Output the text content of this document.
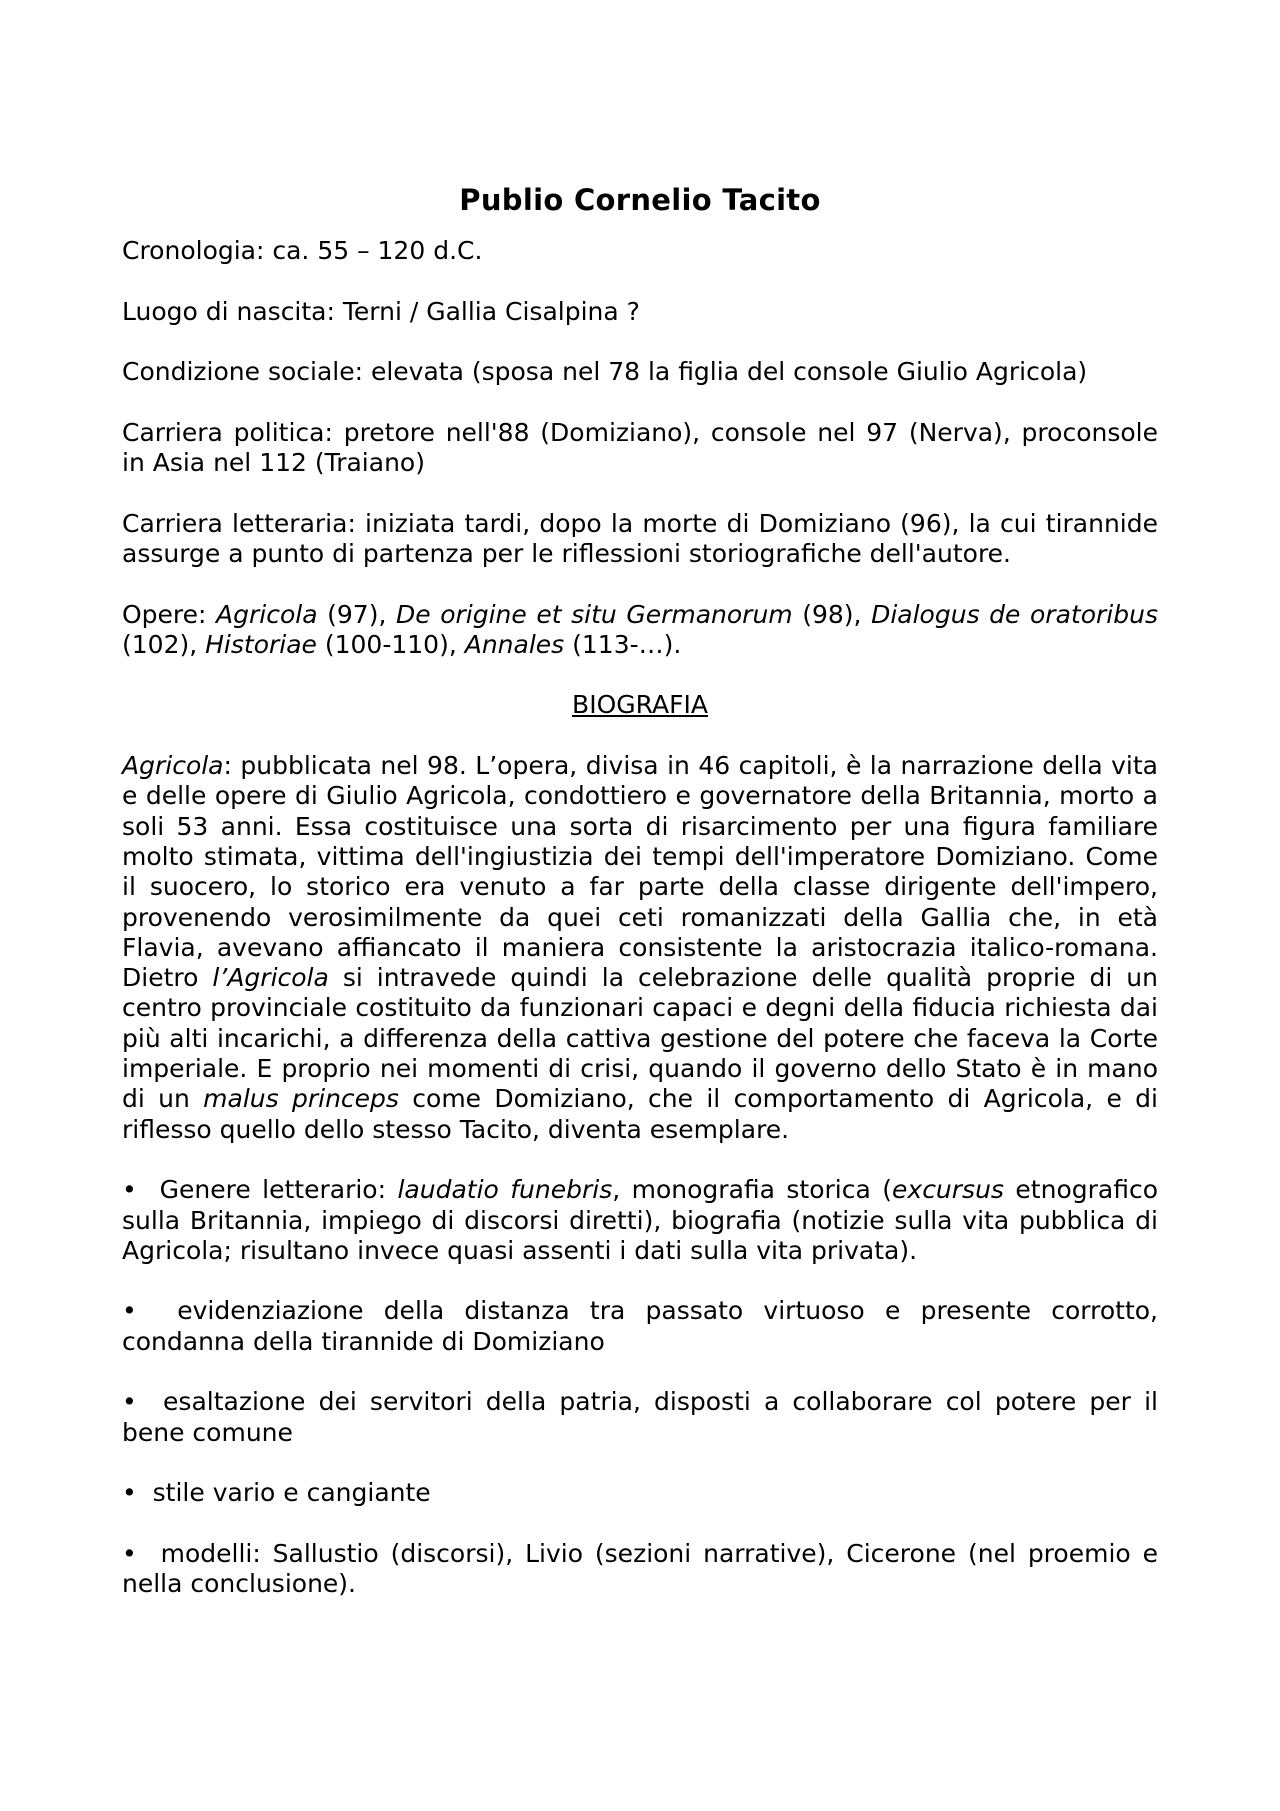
Publio Cornelio Tacito

Cronologia: ca. 55 – 120 d.C.

Luogo di nascita: Terni / Gallia Cisalpina ?

Condizione sociale: elevata (sposa nel 78 la figlia del console Giulio Agricola)

Carriera politica: pretore nell'88 (Domiziano), console nel 97 (Nerva), proconsole in Asia nel 112 (Traiano)

Carriera letteraria: iniziata tardi, dopo la morte di Domiziano (96), la cui tirannide assurge a punto di partenza per le riflessioni storiografiche dell'autore.

Opere: Agricola (97), De origine et situ Germanorum (98), Dialogus de oratoribus (102), Historiae (100-110), Annales (113-…).

BIOGRAFIA

Agricola: pubblicata nel 98. L’opera, divisa in 46 capitoli, è la narrazione della vita e delle opere di Giulio Agricola, condottiero e governatore della Britannia, morto a soli 53 anni. Essa costituisce una sorta di risarcimento per una figura familiare molto stimata, vittima dell'ingiustizia dei tempi dell'imperatore Domiziano. Come il suocero, lo storico era venuto a far parte della classe dirigente dell'impero, provenendo verosimilmente da quei ceti romanizzati della Gallia che, in età Flavia, avevano affiancato il maniera consistente la aristocrazia italico-romana. Dietro l’Agricola si intravede quindi la celebrazione delle qualità proprie di un centro provinciale costituito da funzionari capaci e degni della fiducia richiesta dai più alti incarichi, a differenza della cattiva gestione del potere che faceva la Corte imperiale. E proprio nei momenti di crisi, quando il governo dello Stato è in mano di un malus princeps come Domiziano, che il comportamento di Agricola, e di riflesso quello dello stesso Tacito, diventa esemplare.

• Genere letterario: laudatio funebris, monografia storica (excursus etnografico sulla Britannia, impiego di discorsi diretti), biografia (notizie sulla vita pubblica di Agricola; risultano invece quasi assenti i dati sulla vita privata).

• evidenziazione della distanza tra passato virtuoso e presente corrotto, condanna della tirannide di Domiziano

• esaltazione dei servitori della patria, disposti a collaborare col potere per il bene comune

• stile vario e cangiante

• modelli: Sallustio (discorsi), Livio (sezioni narrative), Cicerone (nel proemio e nella conclusione).
